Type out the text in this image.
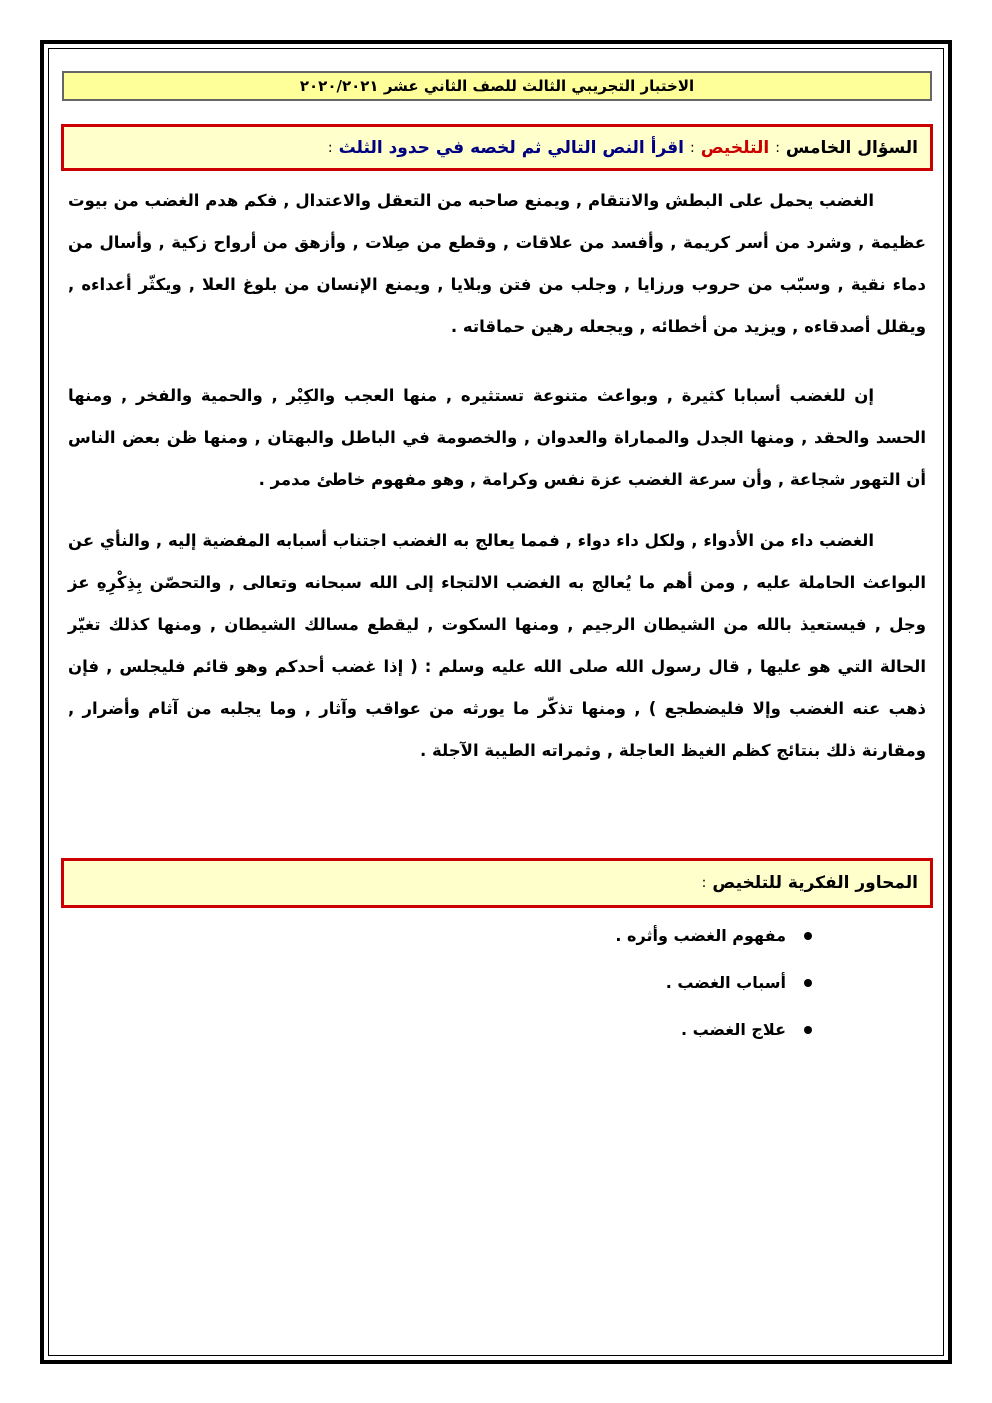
الاختبار التجريبي الثالث للصف الثاني عشر ٢٠٢٠/٢٠٢١
السؤال الخامس
:
التلخيص
:
اقرأ النص التالي ثم لخصه في حدود الثلث
:

الغضب يحمل على البطش والانتقام , ويمنع صاحبه من التعقل والاعتدال , فكم هدم الغضب من بيوت عظيمة , وشرد من أسر كريمة , وأفسد من علاقات , وقطع من صِلات , وأزهق من أرواح زكية , وأسال من دماء نقية , وسبّب من حروب ورزايا , وجلب من فتن وبلايا , ويمنع الإنسان من بلوغ العلا , ويكثّر أعداءه , ويقلل أصدقاءه , ويزيد من أخطائه , ويجعله رهين حماقاته .

إن للغضب أسبابا كثيرة , وبواعث متنوعة تستثيره , منها العجب والكِبْر , والحمية والفخر , ومنها الحسد والحقد , ومنها الجدل والمماراة والعدوان , والخصومة في الباطل والبهتان , ومنها ظن بعض الناس أن التهور شجاعة , وأن سرعة الغضب عزة نفس وكرامة , وهو مفهوم خاطئ مدمر .

الغضب داء من الأدواء , ولكل داء دواء , فمما يعالج به الغضب اجتناب أسبابه المفضية إليه , والنأي عن البواعث الحاملة عليه , ومن أهم ما يُعالج به الغضب الالتجاء إلى الله سبحانه وتعالى , والتحصّن بِذِكْرِهِ عز وجل , فيستعيذ بالله من الشيطان الرجيم , ومنها السكوت , ليقطع مسالك الشيطان , ومنها كذلك تغيّر الحالة التي هو عليها , قال رسول الله صلى الله عليه وسلم : ( إذا غضب أحدكم وهو قائم فليجلس , فإن ذهب عنه الغضب وإلا فليضطجع ) , ومنها تذكّر ما يورثه من عواقب وآثار , وما يجلبه من آثام وأضرار , ومقارنة ذلك بنتائج كظم الغيظ العاجلة , وثمراته الطيبة الآجلة .

المحاور الفكرية للتلخيص
:
مفهوم الغضب وأثره .
أسباب الغضب .
علاج الغضب .
